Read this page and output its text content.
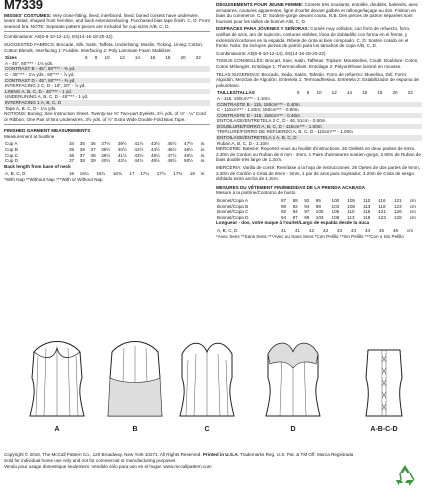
M7339
MISSES' COSTUMES: Very close-fitting, lined, interfaced, lined, boned corsets have underwire, seam detail, shaped front hemline, and back extension/lacing. Purchased bias tape finish. C, D: Front seamed bra. NOTE: Separate pattern pieces are included for cup sizes A/B, C, D.
Combinations: A5(6-8-10-12-14), E5(14-16-18-20-22)
SUGGESTED FABRICS: Brocade, Silk, Satin, Taffeta. Underlining: Muslin, Ticking. Lining: Cotton, Cotton Blends. Interfacing 1: Fusible. Interfacing 2: Poly Laminate Foam Stabilizer.
Sizes	6	8	10	12	14	16	18	20	22
A - 45", 60"*** - 1⅛ yds.
CONTRAST B - 45", 60"*** - ⅜ yd.
C - 45"*** - 1⅛ yds.; 60"*** - ⅞ yd.
CONTRAST D - 45", 60"*** - ⅜ yd.
INTERFACING 2 C, D - 18", 20" - ⅞ yd.
LINING A, B, C, D - 45"*** - 1 yd.
UNDERLINING A, B, C, D - 45"*** - 1 yd.
INTERFACING 1 A, B, C, D
Tape A, B, C, D - 1⅛ yds.
NOTIONS: Boning: See Instruction Sheet. Twenty-six ⅜" Two-part Eyelets, 2½ yds. of ⅛" - ¼" Cord or Ribbon, One Pair of Bra Underwires, 3½ yds. of ½" Extra Wide Double Fold Bias Tape.
FINISHED GARMENT MEASUREMENTS
Measurement at bustline
Cup A	34	35	36	37½	39½	41½	43½	45½	47½	in.
Cup B	35	36	37	38½	40½	42½	44½	46½	48½	in.
Cup C	36	37	38	39½	41½	43½	45½	47½	49½	in.
Cup D	37	38	39	40½	42½	44½	46½	48½	50½	in.
Back length from base of neck
A, B, C, D	16	16¼	16½	16¾	17	17¼	17½	17¾	18	in.
*With Nap **Without Nap ***With or Without Nap
DÉGUISEMENTS POUR JEUNE FEMME: Corsets très moulants, entoilés, doublés, baleinés, avec armatures, coutures apparentes, ligne d'ourlet devant galbée et rallonge/laçage au dos. Finition en biais du commerce. C, D: Soutien-gorge devant cousu. N.B. Des pièces de patron séparées sont fournies pour les tailles de bonnet A/B, C, D.
DISFRACES PARA JÓVENES Y SEÑORAS: Corsés muy ceñidos, con forro de refuerzo, forro, varillas de aros, aro de sujeción, costuras visibles, línea de dobladillo con forma en el frente, y extensión/cordones en la espalda. Ribete de cinta al bies comprado. C, D: Sostén cosido en el frente. Nota: Se incluyen piezas de patrón para los tamaños de copa A/B, C, D.
Combinaisons: A5(6-8-10-12-14), E5(14-16-18-20-22)
TISSUS CONSEILLÉS: Brocart, Soie, Satin, Taffetas. Triplure: Mousseline, Coutil. Doublure: Coton, Coton Mélangés. Entoilage 1: Thermocollant. Entoilage 2: Polyuréthane laminé en mousse.
TELAS SUGERIDAS: Brocado, Seda, Satén, Tafetán. Forro de refuerzo: Muselina, Dril. Forro: Algodón, Mezclas de Algodón. Entretela 1: Termoadhesiva. Entretela 2: Estabilizador de espuma de poliuretano.
TAILLES/TALLAS	6	8	10	12	14	16	18	20	22
A - 115, 150cm*** - 1.10m
CONTRASTE B - 115, 150cm*** - 0.40m
C - 115cm*** - 1.20m; 150cm*** - 0.80m
CONTRASTE D - 115, 150cm*** - 0.40m
ENTOILAGE/ENTRETELA 2 C, D - 46, 51cm - 0.50m
DOUBLURE/FORRO A, B, C, D - 115cm*** - 1.00m
TRIPLURE/FORRO DE REFUERZO A, B, C, D - 115cm*** - 1.00m
ENTOILAGE/ENTRETELA 1 A, B, C, D
Ruban A, B, C, D - 1.10m
MERCERIE: Baleine: Reportez-vous au feuillet d'instructions. 26 Oeillets en deux parties de 6mm, 2.30m de Cordon ou Ruban de 6 mm - 3mm, 1 Paire d'armatures soutien-gorge, 2.60m de Ruban de biais double très large de 1.3cm.
MERCERÍA: Varilla de corsé: Remítase a la hoja de instrucciones. 26 Ojetes de dos partes de 6mm, 2.30m de Cordón o Cinta de 6mm - 3mm, 1 par de aros para Sujetador, 3.20m de Cinta de sesgo doblado extra ancha de 1.3cm.
MESURES DU VÊTEMENT FINI/MEDIDAS DE LA PRENDA ACABADA
Mesure à la poitrine/Contorno de busto
Bonnet/Copa A	87	89	92	95	100	105	110	116	121	cm
Bonnet/Copa B	89	92	94	98	103	108	113	118	123	cm
Bonnet/Copa C	92	94	97	100	105	110	116	121	126	cm
Bonnet/Copa D	94	97	99	103	108	113	118	123	128	cm
Longueur - dos, votre nuque à l'ourlet/Largo de espalda desde la nuca
A, B, C, D	41	41	42	43	43	44	44	45	46	cm
*Avec Sens **Sans Sens ***Avec ou Sans Sens *Con Pelillo **Sin Pelillo ***Con o Sin Pelillo
A	B	C	D	A-B-C-D
Copyright © 2016, The McCall Pattern Co., 120 Broadway, New York 10271. All Rights Reserved. Printed in U.S.A. Trademarks Reg. U.S. Pat. & TM Off. Marca Registrada
Sold for individual home use only and not for commercial or manufacturing purposes.
Vendu pour usage domestique seulement. Vendido sólo para uso en el hogar. www.mccallpattern.com
